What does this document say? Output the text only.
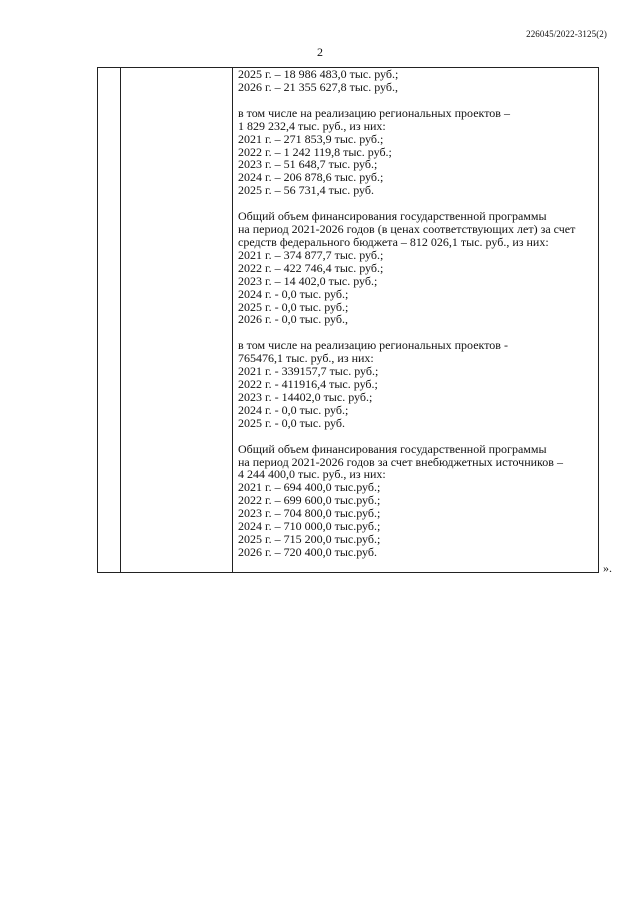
226045/2022-3125(2)
2
2025 г. – 18 986 483,0 тыс. руб.;
2026 г. – 21 355 627,8 тыс. руб.,
в том числе на реализацию региональных проектов –
1 829 232,4 тыс. руб., из них:
2021 г. – 271 853,9 тыс. руб.;
2022 г. – 1 242 119,8 тыс. руб.;
2023 г. – 51 648,7 тыс. руб.;
2024 г. – 206 878,6 тыс. руб.;
2025 г. – 56 731,4 тыс. руб.
Общий объем финансирования государственной программы
на период 2021-2026 годов (в ценах соответствующих лет) за счет
средств федерального бюджета – 812 026,1 тыс. руб., из них:
2021 г. – 374 877,7 тыс. руб.;
2022 г. – 422 746,4 тыс. руб.;
2023 г. – 14 402,0 тыс. руб.;
2024 г. - 0,0 тыс. руб.;
2025 г. - 0,0 тыс. руб.;
2026 г. - 0,0 тыс. руб.,
в том числе на реализацию региональных проектов -
765476,1 тыс. руб., из них:
2021 г. - 339157,7 тыс. руб.;
2022 г. - 411916,4 тыс. руб.;
2023 г. - 14402,0 тыс. руб.;
2024 г. - 0,0 тыс. руб.;
2025 г. - 0,0 тыс. руб.
Общий объем финансирования государственной программы
на период 2021-2026 годов за счет внебюджетных источников –
4 244 400,0 тыс. руб., из них:
2021 г. – 694 400,0 тыс.руб.;
2022 г. – 699 600,0 тыс.руб.;
2023 г. – 704 800,0 тыс.руб.;
2024 г. – 710 000,0 тыс.руб.;
2025 г. – 715 200,0 тыс.руб.;
2026 г. – 720 400,0 тыс.руб.
».
